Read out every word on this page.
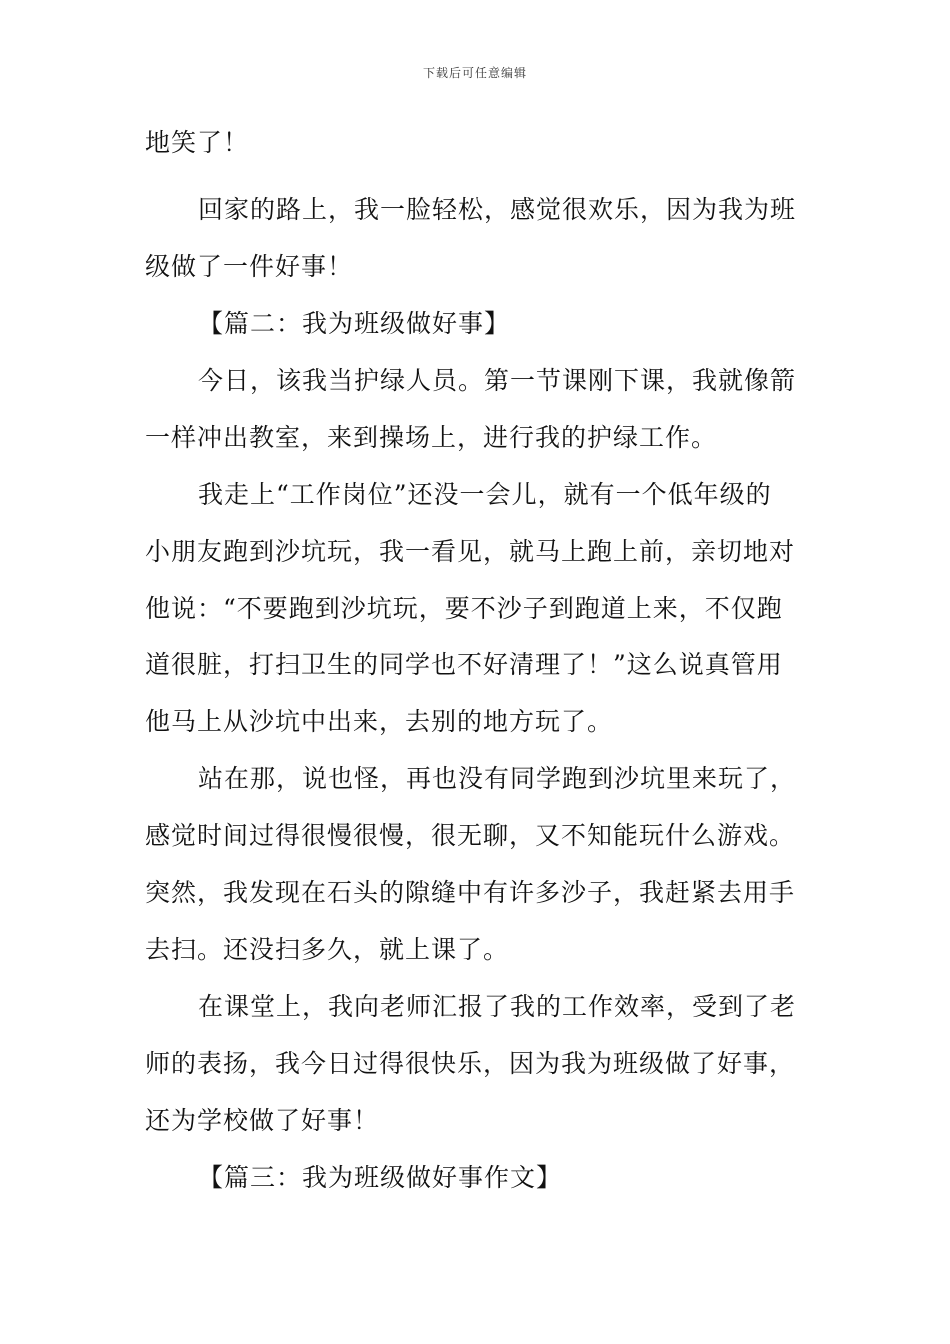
下载后可任意编辑
地笑了！
回家的路上，我一脸轻松，感觉很欢乐，因为我为班
级做了一件好事！
【篇二：我为班级做好事】
今日，该我当护绿人员。第一节课刚下课，我就像箭
一样冲出教室，来到操场上，进行我的护绿工作。
我走上“工作岗位”还没一会儿，就有一个低年级的
小朋友跑到沙坑玩，我一看见，就马上跑上前，亲切地对
他说：“不要跑到沙坑玩，要不沙子到跑道上来，不仅跑
道很脏，打扫卫生的同学也不好清理了！”这么说真管用
他马上从沙坑中出来，去别的地方玩了。
站在那，说也怪，再也没有同学跑到沙坑里来玩了，
感觉时间过得很慢很慢，很无聊，又不知能玩什么游戏。
突然，我发现在石头的隙缝中有许多沙子，我赶紧去用手
去扫。还没扫多久，就上课了。
在课堂上，我向老师汇报了我的工作效率，受到了老
师的表扬，我今日过得很快乐，因为我为班级做了好事，
还为学校做了好事！
【篇三：我为班级做好事作文】
